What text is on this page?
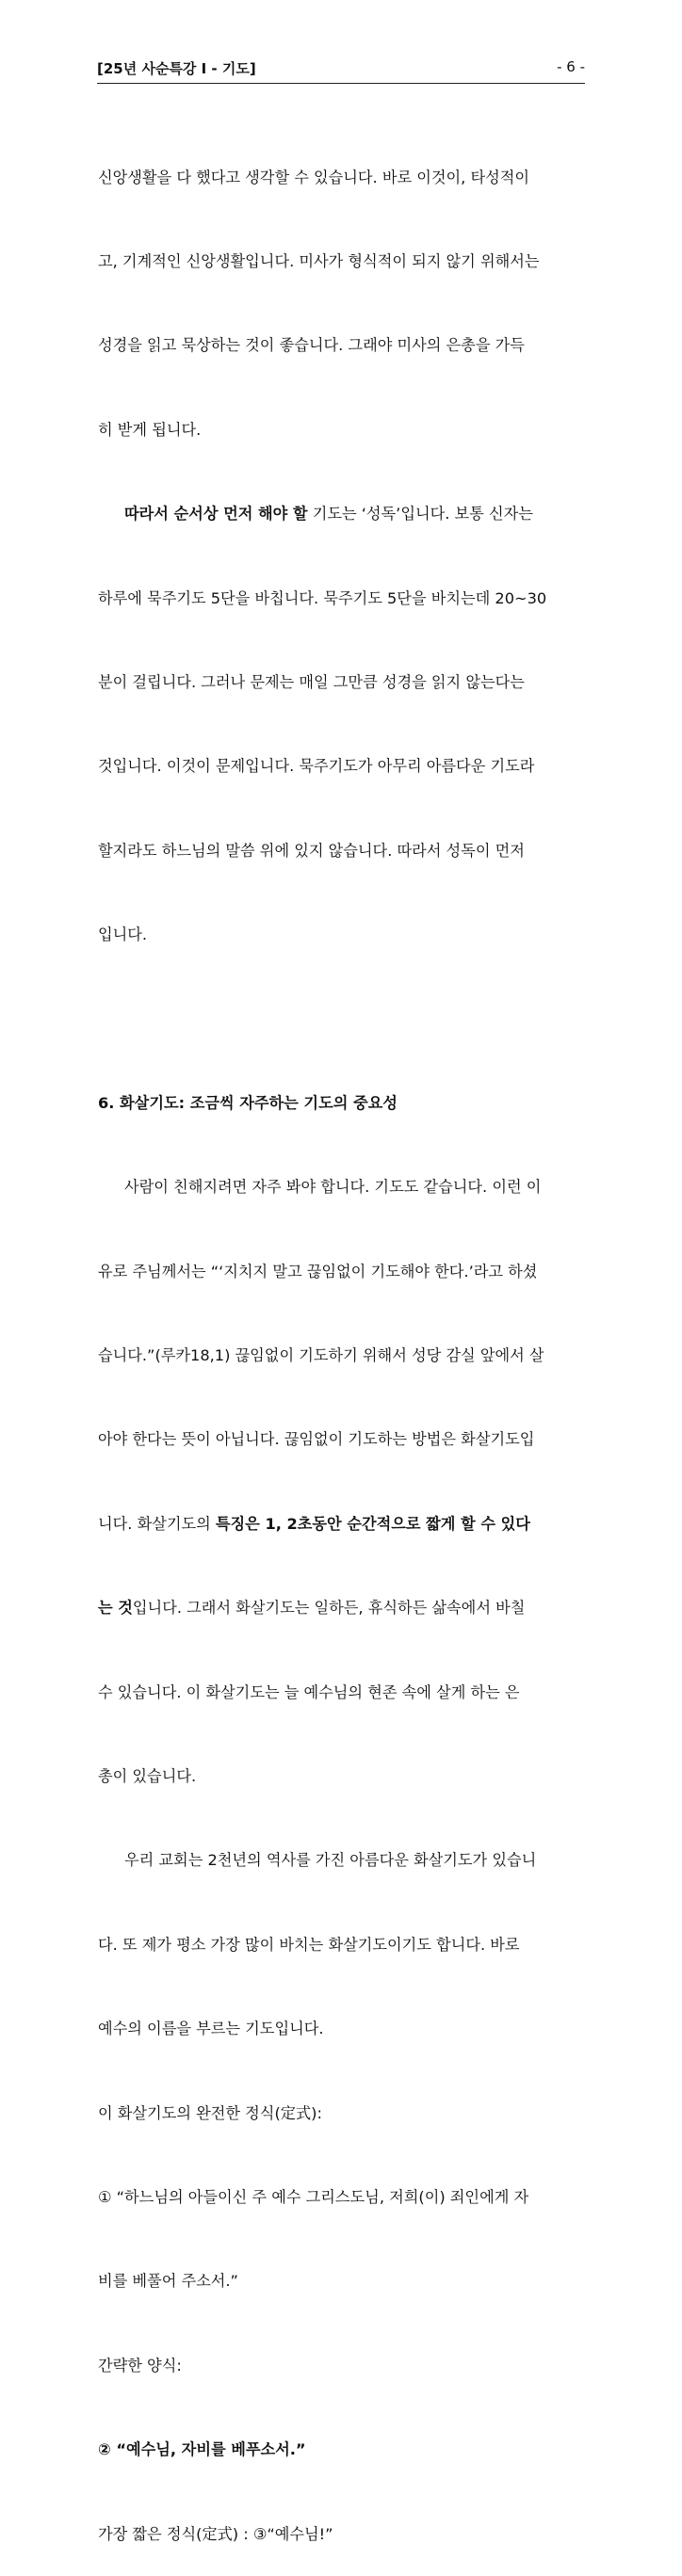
[25년 사순특강 Ⅰ - 기도]	- 6 -

신앙생활을 다 했다고 생각할 수 있습니다. 바로 이것이, 타성적이

고, 기계적인 신앙생활입니다. 미사가 형식적이 되지 않기 위해서는

성경을 읽고 묵상하는 것이 좋습니다. 그래야 미사의 은총을 가득

히 받게 됩니다.

따라서 순서상 먼저 해야 할 기도는 ‘성독’입니다. 보통 신자는

하루에 묵주기도 5단을 바칩니다. 묵주기도 5단을 바치는데 20~30

분이 걸립니다. 그러나 문제는 매일 그만큼 성경을 읽지 않는다는

것입니다. 이것이 문제입니다. 묵주기도가 아무리 아름다운 기도라

할지라도 하느님의 말씀 위에 있지 않습니다. 따라서 성독이 먼저

입니다.

6. 화살기도: 조금씩 자주하는 기도의 중요성

사람이 친해지려면 자주 봐야 합니다. 기도도 같습니다. 이런 이

유로 주님께서는 “‘지치지 말고 끊임없이 기도해야 한다.’라고 하셨

습니다.”(루카18,1) 끊임없이 기도하기 위해서 성당 감실 앞에서 살

아야 한다는 뜻이 아닙니다. 끊임없이 기도하는 방법은 화살기도입

니다. 화살기도의 특징은 1, 2초동안 순간적으로 짧게 할 수 있다

는 것입니다. 그래서 화살기도는 일하든, 휴식하든 삶속에서 바칠

수 있습니다. 이 화살기도는 늘 예수님의 현존 속에 살게 하는 은

총이 있습니다.

우리 교회는 2천년의 역사를 가진 아름다운 화살기도가 있습니

다. 또 제가 평소 가장 많이 바치는 화살기도이기도 합니다. 바로

예수의 이름을 부르는 기도입니다.

이 화살기도의 완전한 정식(定式):

① “하느님의 아들이신 주 예수 그리스도님, 저희(이) 죄인에게 자

비를 베풀어 주소서.”

간략한 양식:

② “예수님, 자비를 베푸소서.”

가장 짧은 정식(定式) : ③“예수님!”
